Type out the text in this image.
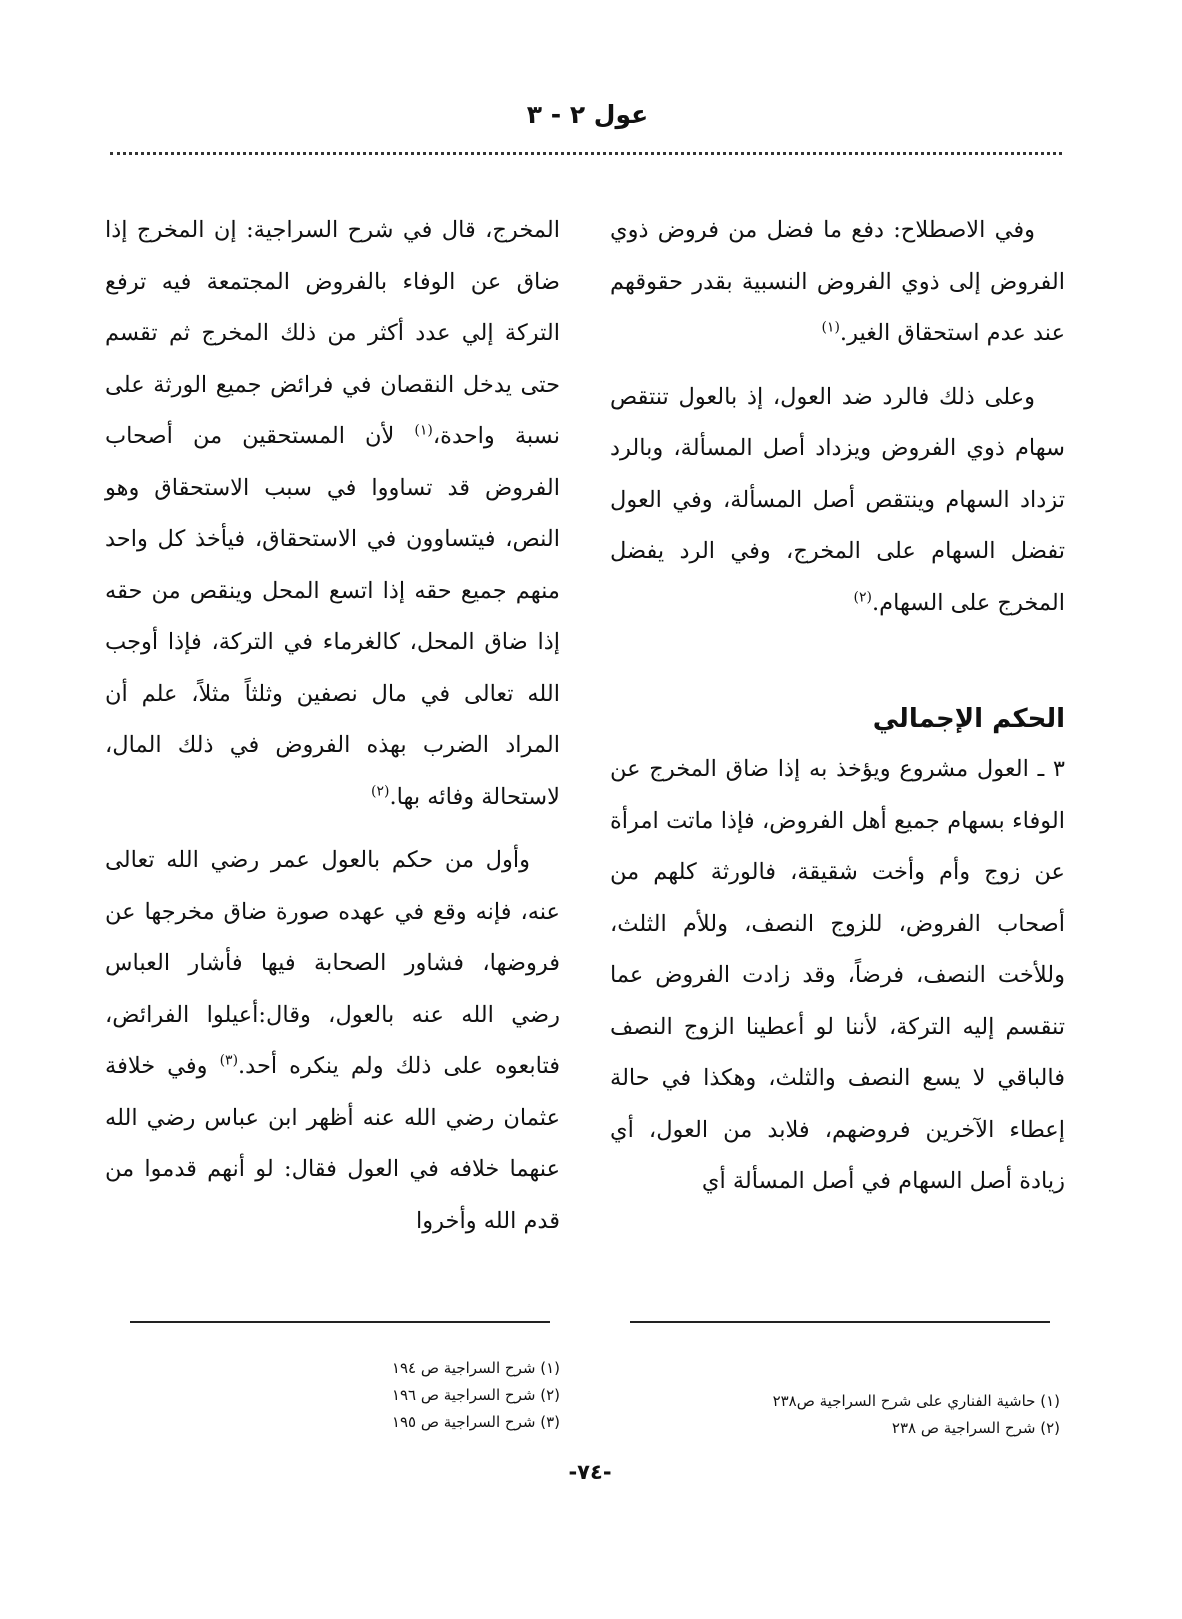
عول ٢ - ٣

وفي الاصطلاح: دفع ما فضل من فروض ذوي الفروض إلى ذوي الفروض النسبية بقدر حقوقهم عند عدم استحقاق الغير.$^{(١)}$

وعلى ذلك فالرد ضد العول، إذ بالعول تنتقص سهام ذوي الفروض ويزداد أصل المسألة، وبالرد تزداد السهام وينتقص أصل المسألة، وفي العول تفضل السهام على المخرج، وفي الرد يفضل المخرج على السهام.$^{(٢)}$

الحكم الإجمالي

٣ ـ العول مشروع ويؤخذ به إذا ضاق المخرج عن الوفاء بسهام جميع أهل الفروض، فإذا ماتت امرأة عن زوج وأم وأخت شقيقة، فالورثة كلهم من أصحاب الفروض، للزوج النصف، وللأم الثلث، وللأخت النصف، فرضاً، وقد زادت الفروض عما تنقسم إليه التركة، لأننا لو أعطينا الزوج النصف فالباقي لا يسع النصف والثلث، وهكذا في حالة إعطاء الآخرين فروضهم، فلابد من العول، أي زيادة أصل السهام في أصل المسألة أي

المخرج، قال في شرح السراجية: إن المخرج إذا ضاق عن الوفاء بالفروض المجتمعة فيه ترفع التركة إلي عدد أكثر من ذلك المخرج ثم تقسم حتى يدخل النقصان في فرائض جميع الورثة على نسبة واحدة،$^{(١)}$ لأن المستحقين من أصحاب الفروض قد تساووا في سبب الاستحقاق وهو النص، فيتساوون في الاستحقاق، فيأخذ كل واحد منهم جميع حقه إذا اتسع المحل وينقص من حقه إذا ضاق المحل، كالغرماء في التركة، فإذا أوجب الله تعالى في مال نصفين وثلثاً مثلاً، علم أن المراد الضرب بهذه الفروض في ذلك المال، لاستحالة وفائه بها.$^{(٢)}$

وأول من حكم بالعول عمر رضي الله تعالى عنه، فإنه وقع في عهده صورة ضاق مخرجها عن فروضها، فشاور الصحابة فيها فأشار العباس رضي الله عنه بالعول، وقال:أعيلوا الفرائض، فتابعوه على ذلك ولم ينكره أحد.$^{(٣)}$ وفي خلافة عثمان رضي الله عنه أظهر ابن عباس رضي الله عنهما خلافه في العول فقال: لو أنهم قدموا من قدم الله وأخروا

(١) حاشية الفناري على شرح السراجية ص٢٣٨
(٢) شرح السراجية ص ٢٣٨
(١) شرح السراجية ص ١٩٤
(٢) شرح السراجية ص ١٩٦
(٣) شرح السراجية ص ١٩٥
-٧٤-
